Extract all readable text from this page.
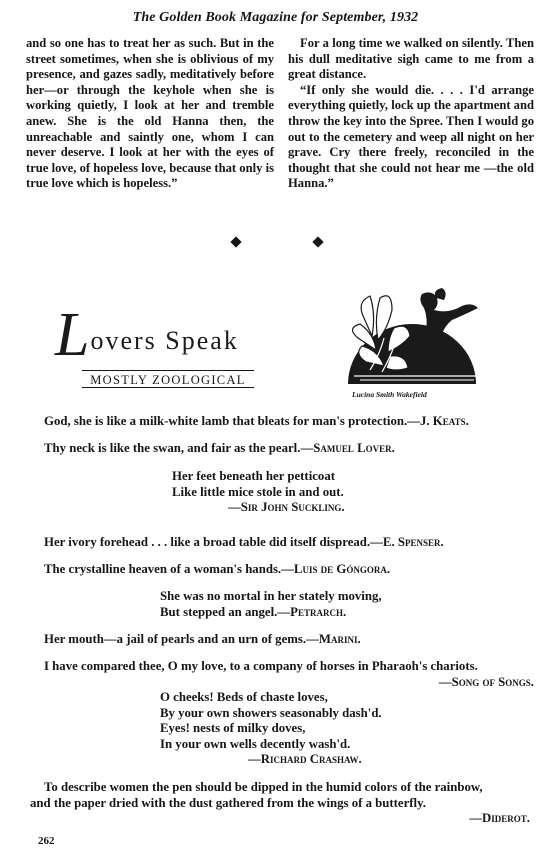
The Golden Book Magazine for September, 1932

and so one has to treat her as such. But in the street sometimes, when she is oblivious of my presence, and gazes sadly, meditatively before her—or through the keyhole when she is working quietly, I look at her and tremble anew. She is the old Hanna then, the unreachable and saintly one, whom I can never deserve. I look at her with the eyes of true love, of hopeless love, because that only is true love which is hopeless.”

For a long time we walked on silently. Then his dull meditative sigh came to me from a great distance.

“If only she would die. . . . I'd arrange everything quietly, lock up the apartment and throw the key into the Spree. Then I would go out to the cemetery and weep all night on her grave. Cry there freely, reconciled in the thought that she could not hear me —the old Hanna.”

Lovers Speak
MOSTLY ZOOLOGICAL
Lucina Smith Wakefield

God, she is like a milk-white lamb that bleats for man's protection.—J. Keats.

Thy neck is like the swan, and fair as the pearl.—Samuel Lover.

Her feet beneath her petticoat
Like little mice stole in and out.
—Sir John Suckling.

Her ivory forehead . . . like a broad table did itself dispread.—E. Spenser.

The crystalline heaven of a woman's hands.—Luis de Góngora.

She was no mortal in her stately moving,
But stepped an angel.—Petrarch.

Her mouth—a jail of pearls and an urn of gems.—Marini.

I have compared thee, O my love, to a company of horses in Pharaoh's chariots.

—Song of Songs.
O cheeks! Beds of chaste loves,
By your own showers seasonably dash'd.
Eyes! nests of milky doves,
In your own wells decently wash'd.
—Richard Crashaw.
To describe women the pen should be dipped in the humid colors of the rainbow,
and the paper dried with the dust gathered from the wings of a butterfly.
—Diderot.
262
